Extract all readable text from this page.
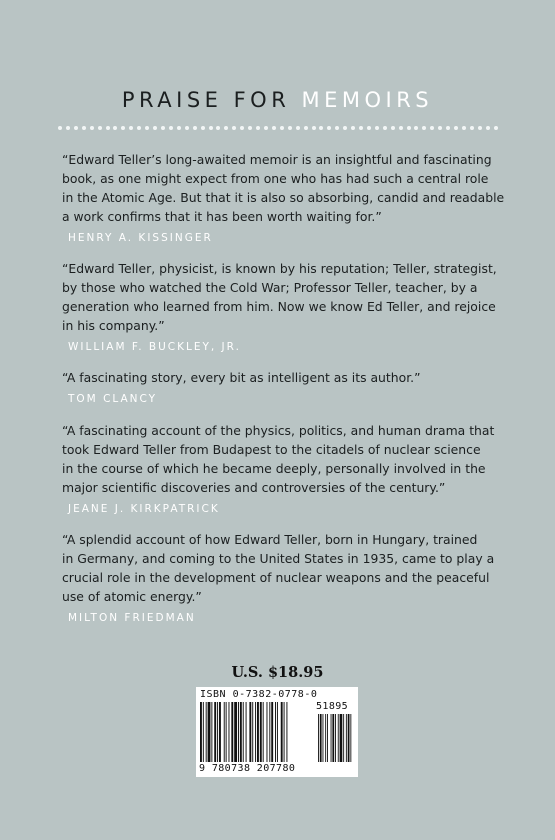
PRAISE FOR MEMOIRS
“Edward Teller’s long-awaited memoir is an insightful and fascinating
book, as one might expect from one who has had such a central role
in the Atomic Age. But that it is also so absorbing, candid and readable
a work confirms that it has been worth waiting for.”
HENRY A. KISSINGER
“Edward Teller, physicist, is known by his reputation; Teller, strategist,
by those who watched the Cold War; Professor Teller, teacher, by a
generation who learned from him. Now we know Ed Teller, and rejoice
in his company.”
WILLIAM F. BUCKLEY, JR.
“A fascinating story, every bit as intelligent as its author.”
TOM CLANCY
“A fascinating account of the physics, politics, and human drama that
took Edward Teller from Budapest to the citadels of nuclear science
in the course of which he became deeply, personally involved in the
major scientific discoveries and controversies of the century.”
JEANE J. KIRKPATRICK
“A splendid account of how Edward Teller, born in Hungary, trained
in Germany, and coming to the United States in 1935, came to play a
crucial role in the development of nuclear weapons and the peaceful
use of atomic energy.”
MILTON FRIEDMAN
U.S. $18.95
ISBN 0-7382-0778-0
51895
9 780738 207780
